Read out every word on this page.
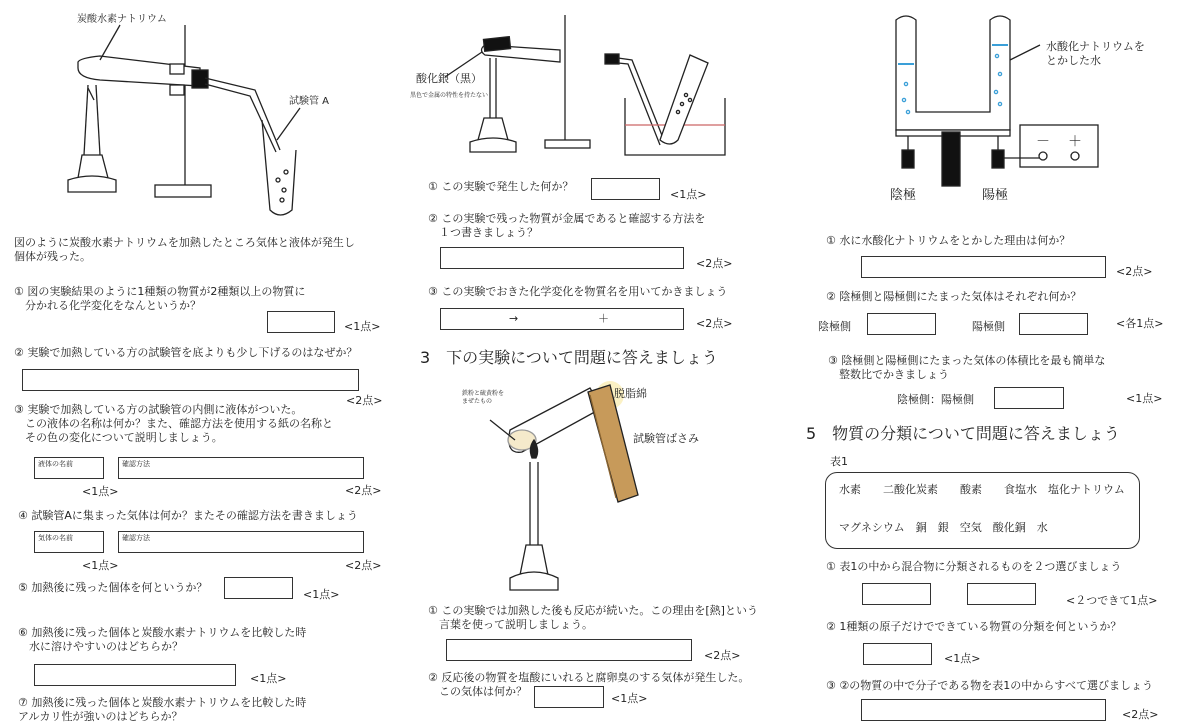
炭酸水素ナトリウム
試験管 A
図のように炭酸水素ナトリウムを加熱したところ気体と液体が発生し
個体が残った。
① 図の実験結果のように1種類の物質が2種類以上の物質に
　分かれる化学変化をなんというか？
<1点>
② 実験で加熱している方の試験管を底よりも少し下げるのはなぜか？
<2点>
③ 実験で加熱している方の試験管の内側に液体がついた。
　この液体の名称は何か？また、確認方法を使用する紙の名称と
　その色の変化について説明しましょう。
液体の名前	確認方法
<1点>	<2点>
④ 試験管Aに集まった気体は何か？またその確認方法を書きましょう
気体の名前	確認方法
<1点>	<2点>
⑤ 加熱後に残った個体を何というか？
<1点>
⑥ 加熱後に残った個体と炭酸水素ナトリウムを比較した時
　水に溶けやすいのはどちらか？
<1点>
⑦ 加熱後に残った個体と炭酸水素ナトリウムを比較した時
アルカリ性が強いのはどちらか？
酸化銀（黒）
黒色で金属の特性を持たない
① この実験で発生した何か？
<1点>
② この実験で残った物質が金属であると確認する方法を
　１つ書きましょう？
<2点>
③ この実験でおきた化学変化を物質名を用いてかきましょう
→	＋	<2点>
3　下の実験について問題に答えましょう
鉄粉と硫黄粉を
まぜたもの
脱脂綿
試験管ばさみ
① この実験では加熱した後も反応が続いた。この理由を[熱]という
　言葉を使って説明しましょう。
<2点>
② 反応後の物質を塩酸にいれると腐卵臭のする気体が発生した。
　この気体は何か？
<1点>
水酸化ナトリウムを
とかした水
－ ＋
陰極	陽極
① 水に水酸化ナトリウムをとかした理由は何か？
<2点>
② 陰極側と陽極側にたまった気体はそれぞれ何か？
陰極側	陽極側	<各1点>
③ 陰極側と陽極側にたまった気体の体積比を最も簡単な
　整数比でかきましょう
陰極側：陽極側	<1点>
5　物質の分類について問題に答えましょう
表1
水素　　二酸化炭素　　酸素　　食塩水　塩化ナトリウム
マグネシウム　銅　銀　空気　酸化銅　水
① 表1の中から混合物に分類されるものを２つ選びましょう
<２つできて1点>
② 1種類の原子だけでできている物質の分類を何というか？
<1点>
③ ②の物質の中で分子である物を表1の中からすべて選びましょう
<2点>
